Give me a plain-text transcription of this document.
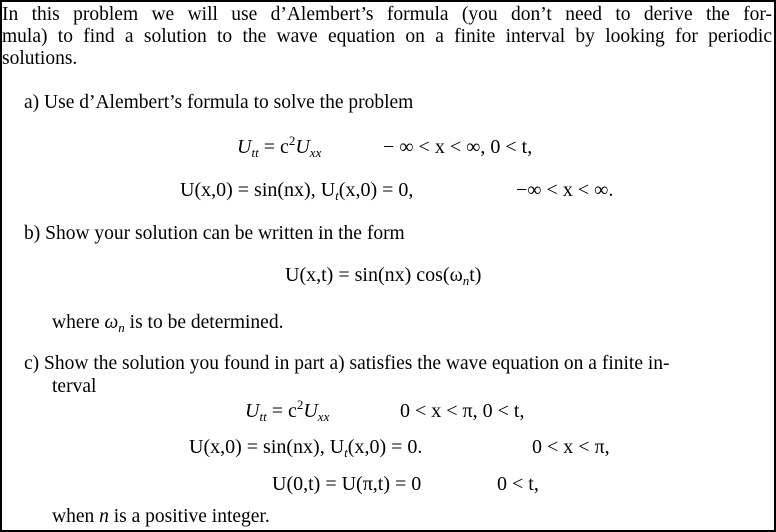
In this problem we will use d’Alembert’s formula (you don’t need to derive the for-
mula) to find a solution to the wave equation on a finite interval by looking for periodic
solutions.
a) Use d’Alembert’s formula to solve the problem
$U_{tt} = c^2U_{xx}$	− ∞ < x < ∞, 0 < t,
U(x,0) = sin(nx), $U_t(x,0) = 0$,	−∞ < x < ∞.
b) Show your solution can be written in the form
U(x,t) = sin(nx) $\cos(\omega_nt)$
where $\omega_n$ is to be determined.
c) Show the solution you found in part a) satisfies the wave equation on a finite in-
terval
$U_{tt} = c^2U_{xx}$	0 < x < π, 0 < t,
U(x,0) = sin(nx), $U_t(x,0) = 0$.	0 < x < π,
U(0,t) = U(π,t) = 0	0 < t,
when n is a positive integer.
